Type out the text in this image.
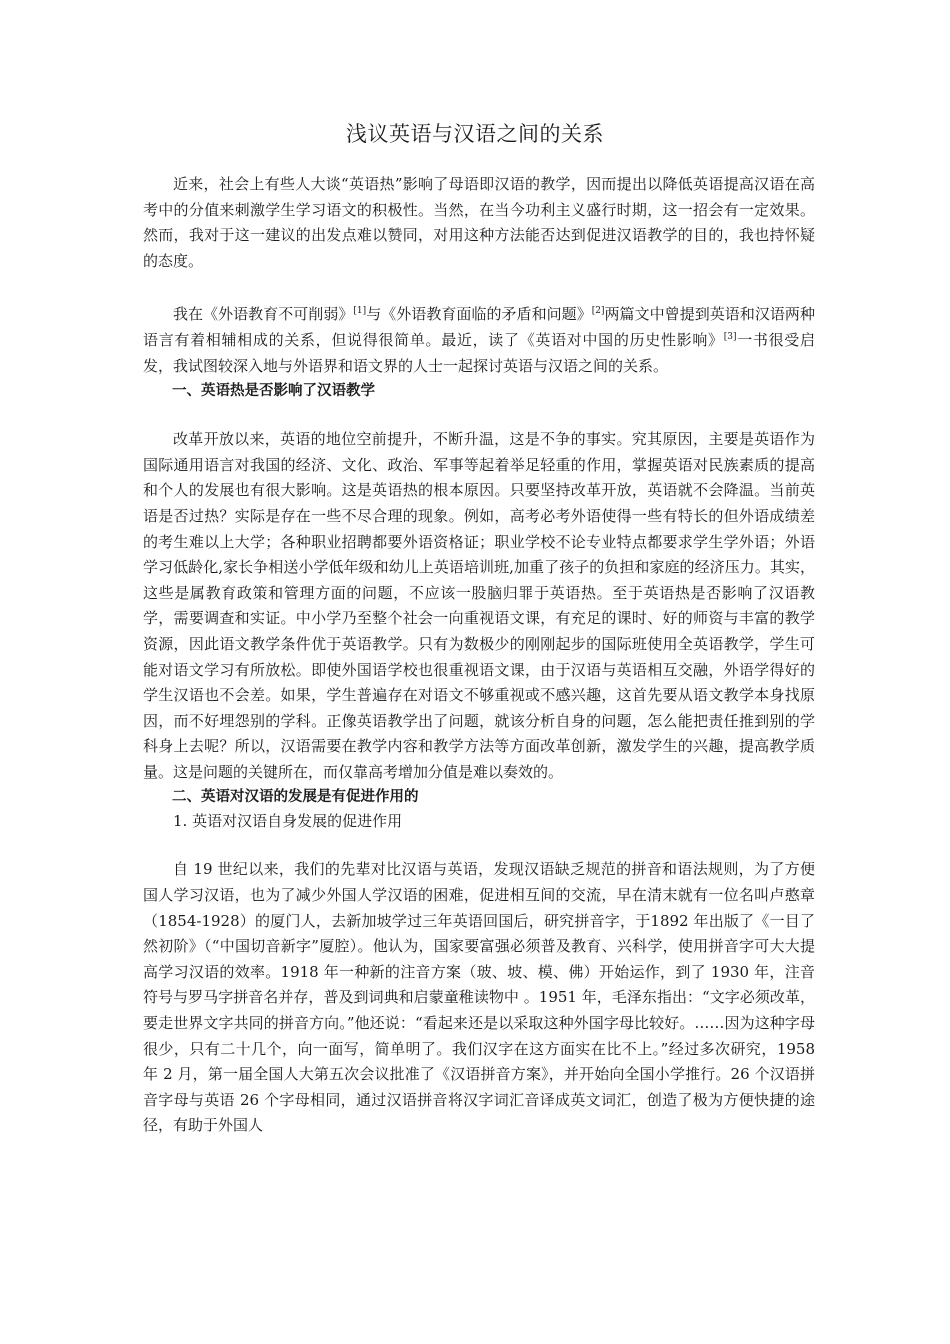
浅议英语与汉语之间的关系

近来，社会上有些人大谈“英语热”影响了母语即汉语的教学，因而提出以降低英语提高汉语在高考中的分值来刺激学生学习语文的积极性。当然，在当今功利主义盛行时期，这一招会有一定效果。然而，我对于这一建议的出发点难以赞同，对用这种方法能否达到促进汉语教学的目的，我也持怀疑的态度。

我在《外语教育不可削弱》[1]与《外语教育面临的矛盾和问题》[2]两篇文中曾提到英语和汉语两种语言有着相辅相成的关系，但说得很简单。最近，读了《英语对中国的历史性影响》[3]一书很受启发，我试图较深入地与外语界和语文界的人士一起探讨英语与汉语之间的关系。

一、英语热是否影响了汉语教学

改革开放以来，英语的地位空前提升，不断升温，这是不争的事实。究其原因，主要是英语作为国际通用语言对我国的经济、文化、政治、军事等起着举足轻重的作用，掌握英语对民族素质的提高和个人的发展也有很大影响。这是英语热的根本原因。只要坚持改革开放，英语就不会降温。当前英语是否过热？实际是存在一些不尽合理的现象。例如，高考必考外语使得一些有特长的但外语成绩差的考生难以上大学；各种职业招聘都要外语资格证；职业学校不论专业特点都要求学生学外语；外语学习低龄化,家长争相送小学低年级和幼儿上英语培训班,加重了孩子的负担和家庭的经济压力。其实，这些是属教育政策和管理方面的问题，不应该一股脑归罪于英语热。至于英语热是否影响了汉语教学，需要调查和实证。中小学乃至整个社会一向重视语文课，有充足的课时、好的师资与丰富的教学资源，因此语文教学条件优于英语教学。只有为数极少的刚刚起步的国际班使用全英语教学，学生可能对语文学习有所放松。即使外国语学校也很重视语文课，由于汉语与英语相互交融，外语学得好的学生汉语也不会差。如果，学生普遍存在对语文不够重视或不感兴趣，这首先要从语文教学本身找原因，而不好埋怨别的学科。正像英语教学出了问题，就该分析自身的问题，怎么能把责任推到别的学科身上去呢？所以，汉语需要在教学内容和教学方法等方面改革创新，激发学生的兴趣，提高教学质量。这是问题的关键所在，而仅靠高考增加分值是难以奏效的。

二、英语对汉语的发展是有促进作用的

1. 英语对汉语自身发展的促进作用

自 19 世纪以来，我们的先辈对比汉语与英语，发现汉语缺乏规范的拼音和语法规则，为了方便国人学习汉语，也为了减少外国人学汉语的困难，促进相互间的交流，早在清末就有一位名叫卢憨章（1854-1928）的厦门人，去新加坡学过三年英语回国后，研究拼音字，于1892 年出版了《一目了然初阶》（“中国切音新字”厦腔）。他认为，国家要富强必须普及教育、兴科学，使用拼音字可大大提高学习汉语的效率。1918 年一种新的注音方案（玻、坡、模、佛）开始运作，到了 1930 年，注音符号与罗马字拼音名并存，普及到词典和启蒙童稚读物中 。1951 年，毛泽东指出：“文字必须改革，要走世界文字共同的拼音方向。”他还说：“看起来还是以采取这种外国字母比较好。……因为这种字母很少，只有二十几个，向一面写，简单明了。我们汉字在这方面实在比不上。”经过多次研究，1958 年 2 月，第一届全国人大第五次会议批准了《汉语拼音方案》，并开始向全国小学推行。26 个汉语拼音字母与英语 26 个字母相同，通过汉语拼音将汉字词汇音译成英文词汇，创造了极为方便快捷的途径，有助于外国人
